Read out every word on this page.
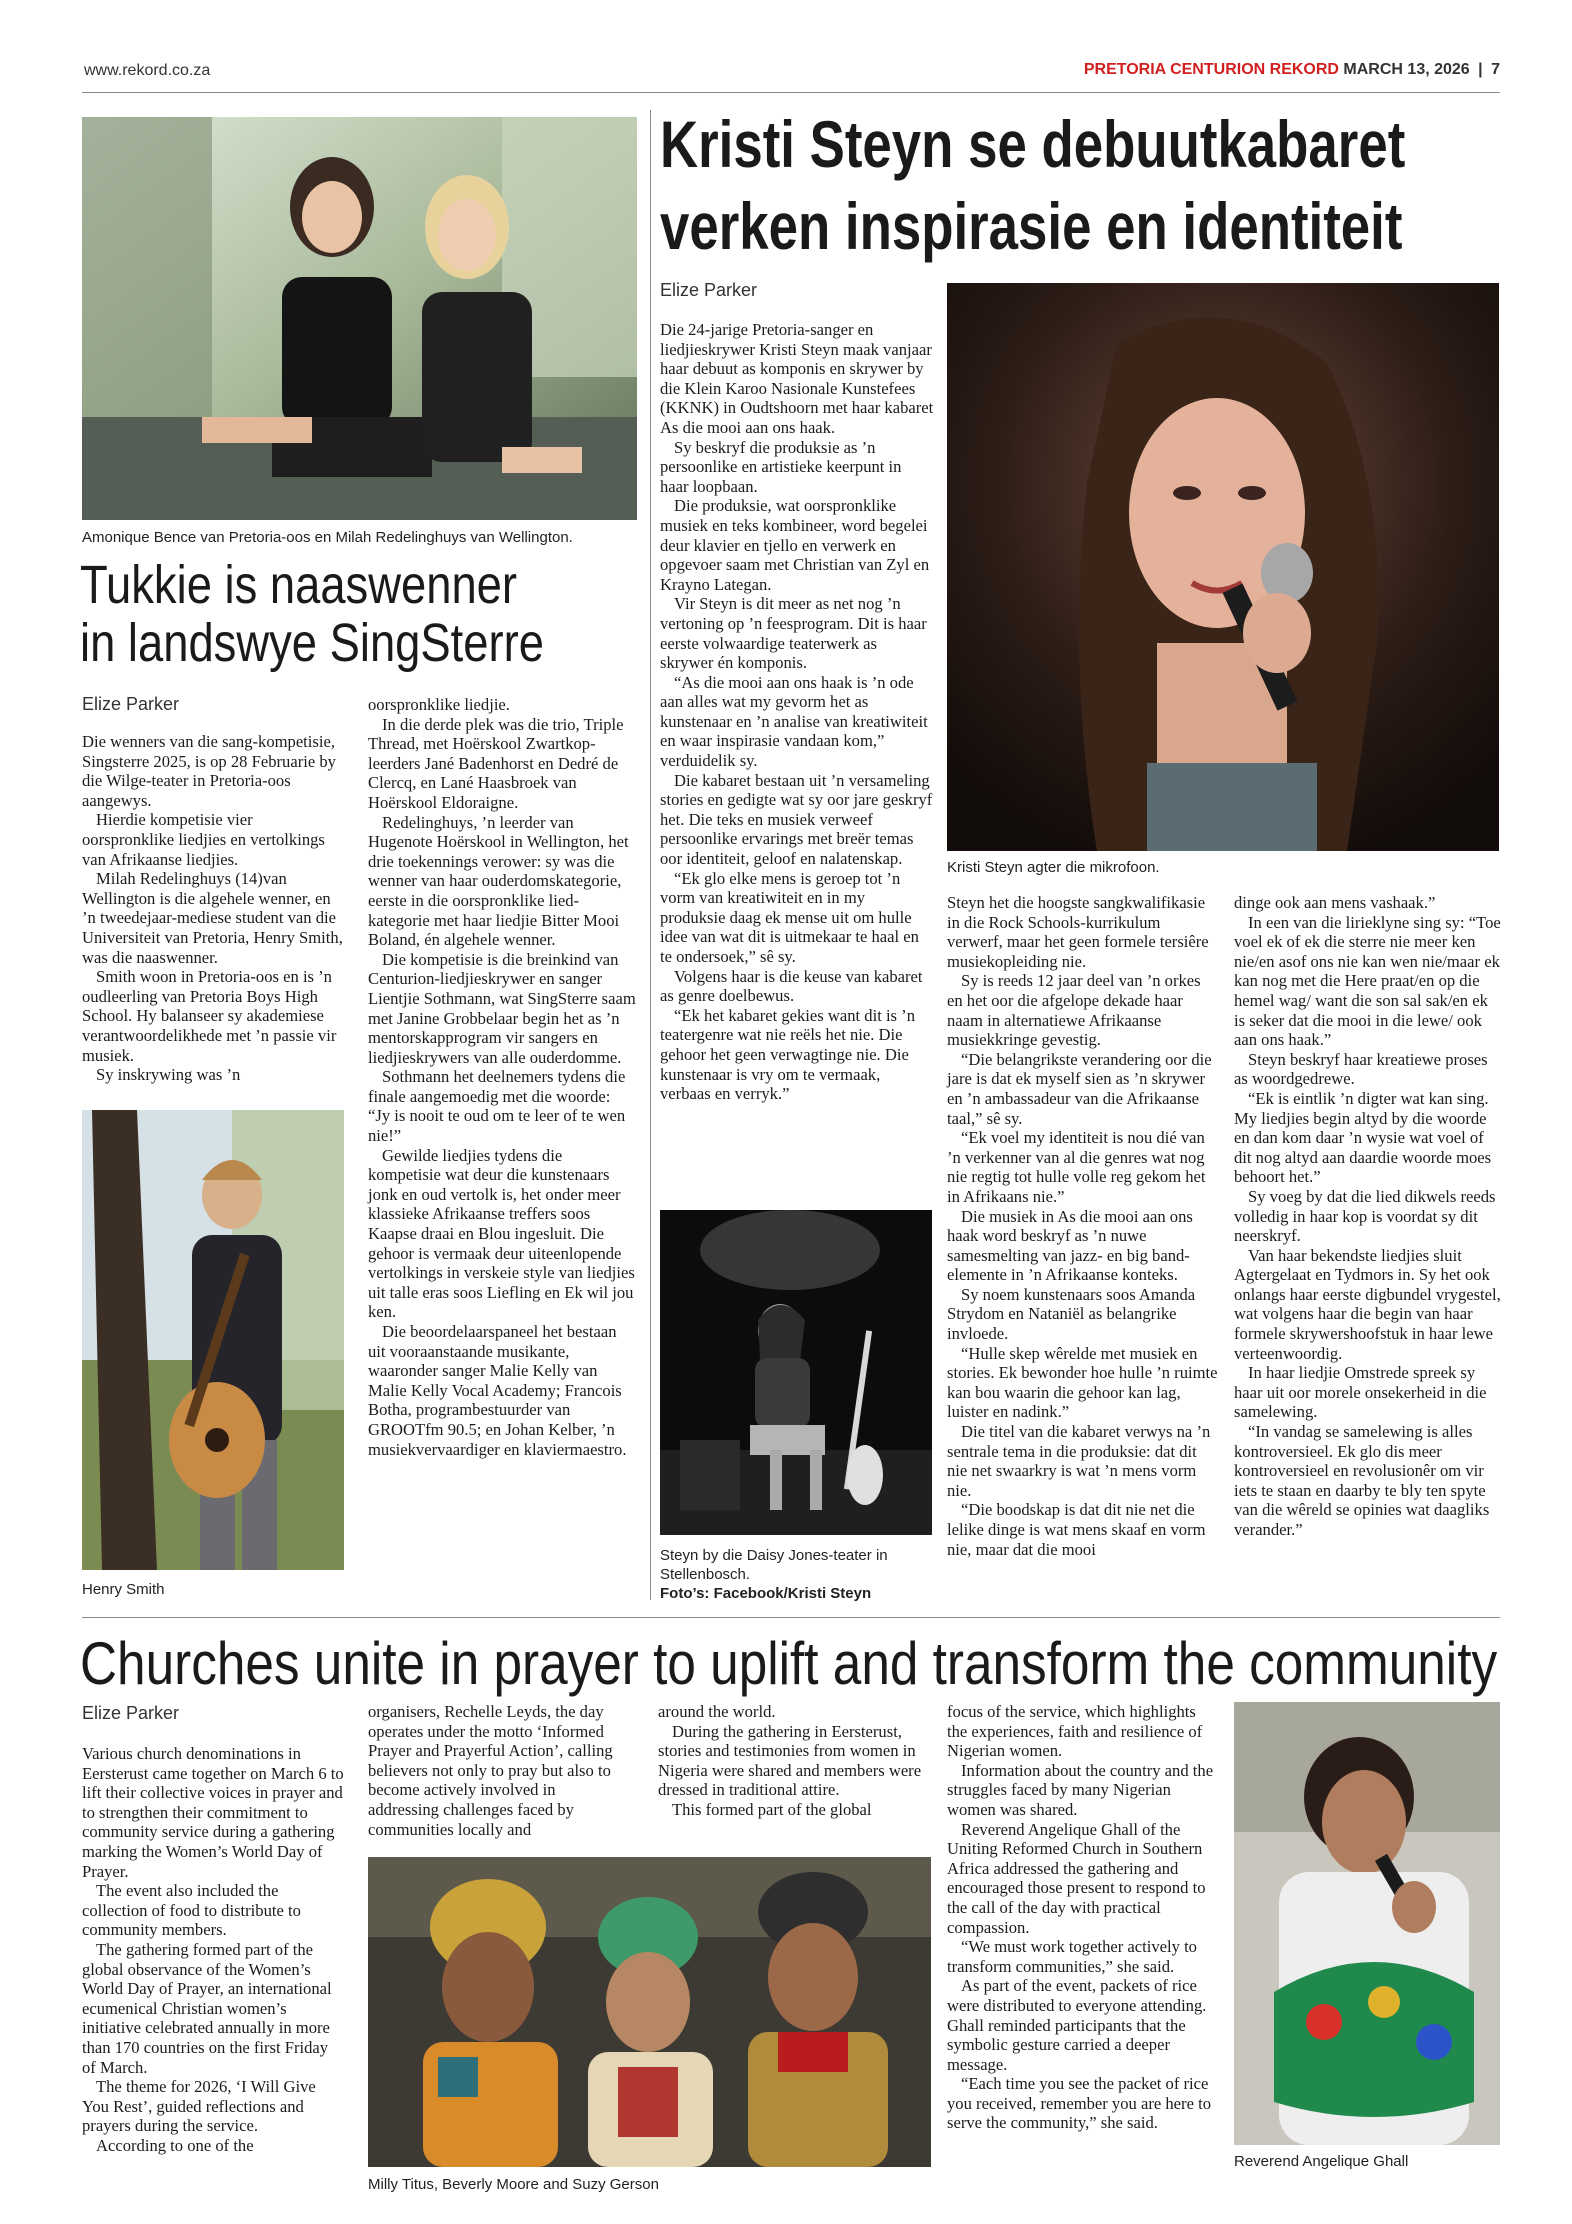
www.rekord.co.za	PRETORIA CENTURION REKORD MARCH 13, 2026 | 7
Amonique Bence van Pretoria-oos en Milah Redelinghuys van Wellington.
Tukkie is naaswenner
in landswye SingSterre
Elize Parker

Die wenners van die sang-kompetisie, Singsterre 2025, is op 28 Februarie by die Wilge-teater in Pretoria-oos aangewys.

Hierdie kompetisie vier oorspronklike liedjies en vertolkings van Afrikaanse liedjies.

Milah Redelinghuys (14)van Wellington is die algehele wenner, en ’n tweedejaar-mediese student van die Universiteit van Pretoria, Henry Smith, was die naaswenner.

Smith woon in Pretoria-oos en is ’n oudleerling van Pretoria Boys High School. Hy balanseer sy akademiese verantwoordelikhede met ’n passie vir musiek.

Sy inskrywing was ’n

Henry Smith

oorspronklike liedjie.

In die derde plek was die trio, Triple Thread, met Hoërskool Zwartkop-leerders Jané Badenhorst en Dedré de Clercq, en Lané Haasbroek van Hoërskool Eldoraigne.

Redelinghuys, ’n leerder van Hugenote Hoërskool in Wellington, het drie toekennings verower: sy was die wenner van haar ouderdomskategorie, eerste in die oorspronklike lied-kategorie met haar liedjie Bitter Mooi Boland, én algehele wenner.

Die kompetisie is die breinkind van Centurion-liedjieskrywer en sanger Lientjie Sothmann, wat SingSterre saam met Janine Grobbelaar begin het as ’n mentorskapprogram vir sangers en liedjieskrywers van alle ouderdomme.

Sothmann het deelnemers tydens die finale aangemoedig met die woorde: “Jy is nooit te oud om te leer of te wen nie!”

Gewilde liedjies tydens die kompetisie wat deur die kunstenaars jonk en oud vertolk is, het onder meer klassieke Afrikaanse treffers soos Kaapse draai en Blou ingesluit. Die gehoor is vermaak deur uiteenlopende vertolkings in verskeie style van liedjies uit talle eras soos Liefling en Ek wil jou ken.

Die beoordelaarspaneel het bestaan uit vooraanstaande musikante, waaronder sanger Malie Kelly van Malie Kelly Vocal Academy; Francois Botha, programbestuurder van GROOTfm 90.5; en Johan Kelber, ’n musiekvervaardiger en klaviermaestro.

Kristi Steyn se debuutkabaret
verken inspirasie en identiteit
Elize Parker

Die 24-jarige Pretoria-sanger en liedjieskrywer Kristi Steyn maak vanjaar haar debuut as komponis en skrywer by die Klein Karoo Nasionale Kunstefees (KKNK) in Oudtshoorn met haar kabaret As die mooi aan ons haak.

Sy beskryf die produksie as ’n persoonlike en artistieke keerpunt in haar loopbaan.

Die produksie, wat oorspronklike musiek en teks kombineer, word begelei deur klavier en tjello en verwerk en opgevoer saam met Christian van Zyl en Krayno Lategan.

Vir Steyn is dit meer as net nog ’n vertoning op ’n feesprogram. Dit is haar eerste volwaardige teaterwerk as skrywer én komponis.

“As die mooi aan ons haak is ’n ode aan alles wat my gevorm het as kunstenaar en ’n analise van kreatiwiteit en waar inspirasie vandaan kom,” verduidelik sy.

Die kabaret bestaan uit ’n versameling stories en gedigte wat sy oor jare geskryf het. Die teks en musiek verweef persoonlike ervarings met breër temas oor identiteit, geloof en nalatenskap.

“Ek glo elke mens is geroep tot ’n vorm van kreatiwiteit en in my produksie daag ek mense uit om hulle idee van wat dit is uitmekaar te haal en te ondersoek,” sê sy.

Volgens haar is die keuse van kabaret as genre doelbewus.

“Ek het kabaret gekies want dit is ’n teatergenre wat nie reëls het nie. Die gehoor het geen verwagtinge nie. Die kunstenaar is vry om te vermaak, verbaas en verryk.”

Kristi Steyn agter die mikrofoon.

Steyn het die hoogste sangkwalifikasie in die Rock Schools-kurrikulum verwerf, maar het geen formele tersiêre musiekopleiding nie.

Sy is reeds 12 jaar deel van ’n orkes en het oor die afgelope dekade haar naam in alternatiewe Afrikaanse musiekkringe gevestig.

“Die belangrikste verandering oor die jare is dat ek myself sien as ’n skrywer en ’n ambassadeur van die Afrikaanse taal,” sê sy.

“Ek voel my identiteit is nou dié van ’n verkenner van al die genres wat nog nie regtig tot hulle volle reg gekom het in Afrikaans nie.”

Die musiek in As die mooi aan ons haak word beskryf as ’n nuwe samesmelting van jazz- en big band-elemente in ’n Afrikaanse konteks.

Sy noem kunstenaars soos Amanda Strydom en Nataniël as belangrike invloede.

“Hulle skep wêrelde met musiek en stories. Ek bewonder hoe hulle ’n ruimte kan bou waarin die gehoor kan lag, luister en nadink.”

Die titel van die kabaret verwys na ’n sentrale tema in die produksie: dat dit nie net swaarkry is wat ’n mens vorm nie.

“Die boodskap is dat dit nie net die lelike dinge is wat mens skaaf en vorm nie, maar dat die mooi

dinge ook aan mens vashaak.”

In een van die lirieklyne sing sy: “Toe voel ek of ek die sterre nie meer ken nie/en asof ons nie kan wen nie/maar ek kan nog met die Here praat/en op die hemel wag/ want die son sal sak/en ek is seker dat die mooi in die lewe/ ook aan ons haak.”

Steyn beskryf haar kreatiewe proses as woordgedrewe.

“Ek is eintlik ’n digter wat kan sing. My liedjies begin altyd by die woorde en dan kom daar ’n wysie wat voel of dit nog altyd aan daardie woorde moes behoort het.”

Sy voeg by dat die lied dikwels reeds volledig in haar kop is voordat sy dit neerskryf.

Van haar bekendste liedjies sluit Agtergelaat en Tydmors in. Sy het ook onlangs haar eerste digbundel vrygestel, wat volgens haar die begin van haar formele skrywershoofstuk in haar lewe verteenwoordig.

In haar liedjie Omstrede spreek sy haar uit oor morele onsekerheid in die samelewing.

“In vandag se samelewing is alles kontroversieel. Ek glo dis meer kontroversieel en revolusionêr om vir iets te staan en daarby te bly ten spyte van die wêreld se opinies wat daagliks verander.”

Steyn by die Daisy Jones-teater in Stellenbosch.
Foto’s: Facebook/Kristi Steyn
Churches unite in prayer to uplift and transform the community
Elize Parker

Various church denominations in Eersterust came together on March 6 to lift their collective voices in prayer and to strengthen their commitment to community service during a gathering marking the Women’s World Day of Prayer.

The event also included the collection of food to distribute to community members.

The gathering formed part of the global observance of the Women’s World Day of Prayer, an international ecumenical Christian women’s initiative celebrated annually in more than 170 countries on the first Friday of March.

The theme for 2026, ‘I Will Give You Rest’, guided reflections and prayers during the service.

According to one of the

organisers, Rechelle Leyds, the day operates under the motto ‘Informed Prayer and Prayerful Action’, calling believers not only to pray but also to become actively involved in addressing challenges faced by communities locally and

around the world.

During the gathering in Eersterust, stories and testimonies from women in Nigeria were shared and members were dressed in traditional attire.

This formed part of the global

Milly Titus, Beverly Moore and Suzy Gerson

focus of the service, which highlights the experiences, faith and resilience of Nigerian women.

Information about the country and the struggles faced by many Nigerian women was shared.

Reverend Angelique Ghall of the Uniting Reformed Church in Southern Africa addressed the gathering and encouraged those present to respond to the call of the day with practical compassion.

“We must work together actively to transform communities,” she said.

As part of the event, packets of rice were distributed to everyone attending. Ghall reminded participants that the symbolic gesture carried a deeper message.

“Each time you see the packet of rice you received, remember you are here to serve the community,” she said.

Reverend Angelique Ghall
